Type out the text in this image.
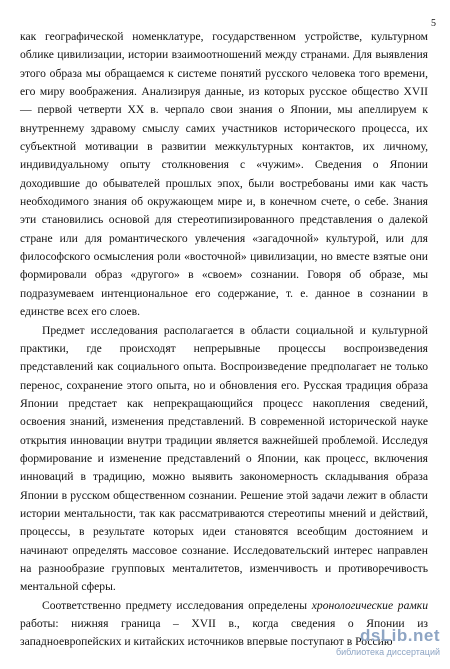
5

как географической номенклатуре, государственном устройстве, культурном облике цивилизации, истории взаимоотношений между странами. Для выявления этого образа мы обращаемся к системе понятий русского человека того времени, его миру воображения. Анализируя данные, из которых русское общество XVII — первой четверти XX в. черпало свои знания о Японии, мы апеллируем к внутреннему здравому смыслу самих участников исторического процесса, их субъектной мотивации в развитии межкультурных контактов, их личному, индивидуальному опыту столкновения с «чужим». Сведения о Японии доходившие до обывателей прошлых эпох, были востребованы ими как часть необходимого знания об окружающем мире и, в конечном счете, о себе. Знания эти становились основой для стереотипизированного представления о далекой стране или для романтического увлечения «загадочной» культурой, или для философского осмысления роли «восточной» цивилизации, но вместе взятые они формировали образ «другого» в «своем» сознании. Говоря об образе, мы подразумеваем интенциональное его содержание, т. е. данное в сознании в единстве всех его слоев.

Предмет исследования располагается в области социальной и культурной практики, где происходят непрерывные процессы воспроизведения представлений как социального опыта. Воспроизведение предполагает не только перенос, сохранение этого опыта, но и обновления его. Русская традиция образа Японии предстает как непрекращающийся процесс накопления сведений, освоения знаний, изменения представлений. В современной исторической науке открытия инновации внутри традиции является важнейшей проблемой. Исследуя формирование и изменение представлений о Японии, как процесс, включения инноваций в традицию, можно выявить закономерность складывания образа Японии в русском общественном сознании. Решение этой задачи лежит в области истории ментальности, так как рассматриваются стереотипы мнений и действий, процессы, в результате которых идеи становятся всеобщим достоянием и начинают определять массовое сознание. Исследовательский интерес направлен на разнообразие групповых менталитетов, изменчивость и противоречивость ментальной сферы.

Соответственно предмету исследования определены хронологические рамки работы: нижняя граница – XVII в., когда сведения о Японии из западноевропейских и китайских источников впервые поступают в Россию

dsLib.net
библиотека диссертаций
